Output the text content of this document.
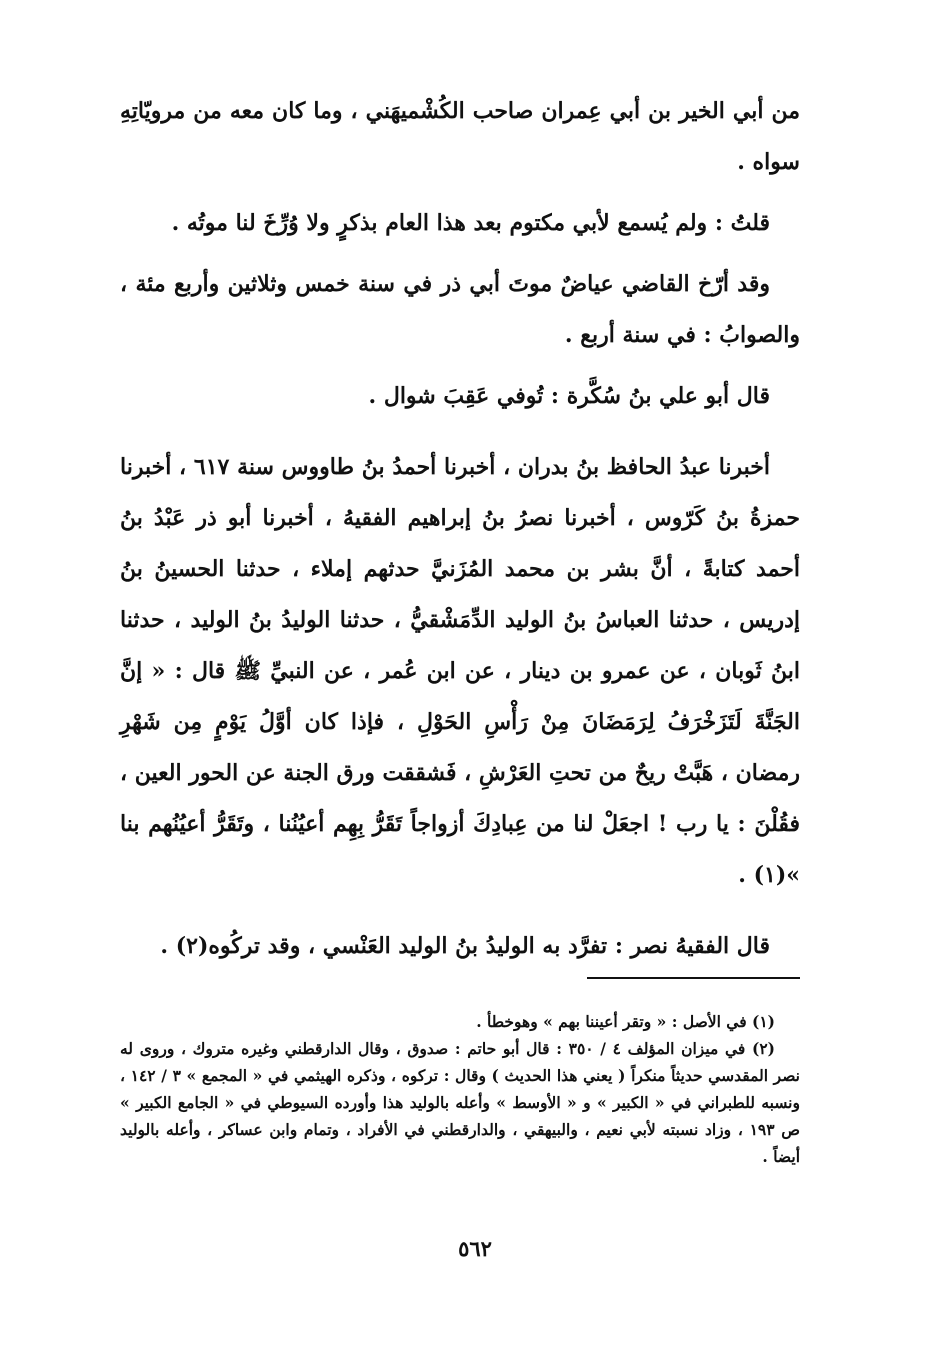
من أبي الخير بن أبي عِمران صاحب الكُشْميهَني ، وما كان معه من مرويّاتِهِ سواه .

قلتُ : ولم يُسمع لأبي مكتوم بعد هذا العام بذكرٍ ولا وُرِّخَ لنا موتُه .

وقد أرّخ القاضي عياضٌ موتَ أبي ذر في سنة خمس وثلاثين وأربع مئة ، والصوابُ : في سنة أربع .

قال أبو علي بنُ سُكَّرة : تُوفي عَقِبَ شوال .

أخبرنا عبدُ الحافظ بنُ بدران ، أخبرنا أحمدُ بنُ طاووس سنة ٦١٧ ، أخبرنا حمزةُ بنُ كَرّوس ، أخبرنا نصرُ بنُ إبراهيم الفقيهُ ، أخبرنا أبو ذر عَبْدُ بنُ أحمد كتابةً ، أنَّ بشر بن محمد المُزَنيَّ حدثهم إملاء ، حدثنا الحسينُ بنُ إدريس ، حدثنا العباسُ بنُ الوليد الدِّمَشْقيُّ ، حدثنا الوليدُ بنُ الوليد ، حدثنا ابنُ ثَوبان ، عن عمرو بن دينار ، عن ابن عُمر ، عن النبيِّ ﷺ قال : « إنَّ الجَنَّةَ لَتَزَخْرَفُ لِرَمَضَانَ مِنْ رَأْسِ الحَوْلِ ، فإذا كان أوَّلُ يَوْمٍ مِن شَهْرِ رمضان ، هَبَّتْ ريحٌ من تحتِ العَرْشِ ، فَشققت ورق الجنة عن الحور العين ، فقُلْنَ : يا رب ! اجعَلْ لنا من عِبادِكَ أزواجاً تَقَرُّ بِهِم أعيُنُنا ، وتَقَرُّ أعيُنُهم بنا »(١) .

قال الفقيهُ نصر : تفرَّد به الوليدُ بنُ الوليد العَنْسي ، وقد تركُوه(٢) .

(١) في الأصل : « وتقر أعيننا بهم » وهوخطأ .

(٢) في ميزان المؤلف ٤ / ٣٥٠ : قال أبو حاتم : صدوق ، وقال الدارقطني وغيره متروك ، وروى له نصر المقدسي حديثاً منكراً ( يعني هذا الحديث ) وقال : تركوه ، وذكره الهيثمي في « المجمع » ٣ / ١٤٢ ، ونسبه للطبراني في « الكبير » و « الأوسط » وأعله بالوليد هذا وأورده السيوطي في « الجامع الكبير » ص ١٩٣ ، وزاد نسبته لأبي نعيم ، والبيهقي ، والدارقطني في الأفراد ، وتمام وابن عساكر ، وأعله بالوليد أيضاً .

٥٦٢
